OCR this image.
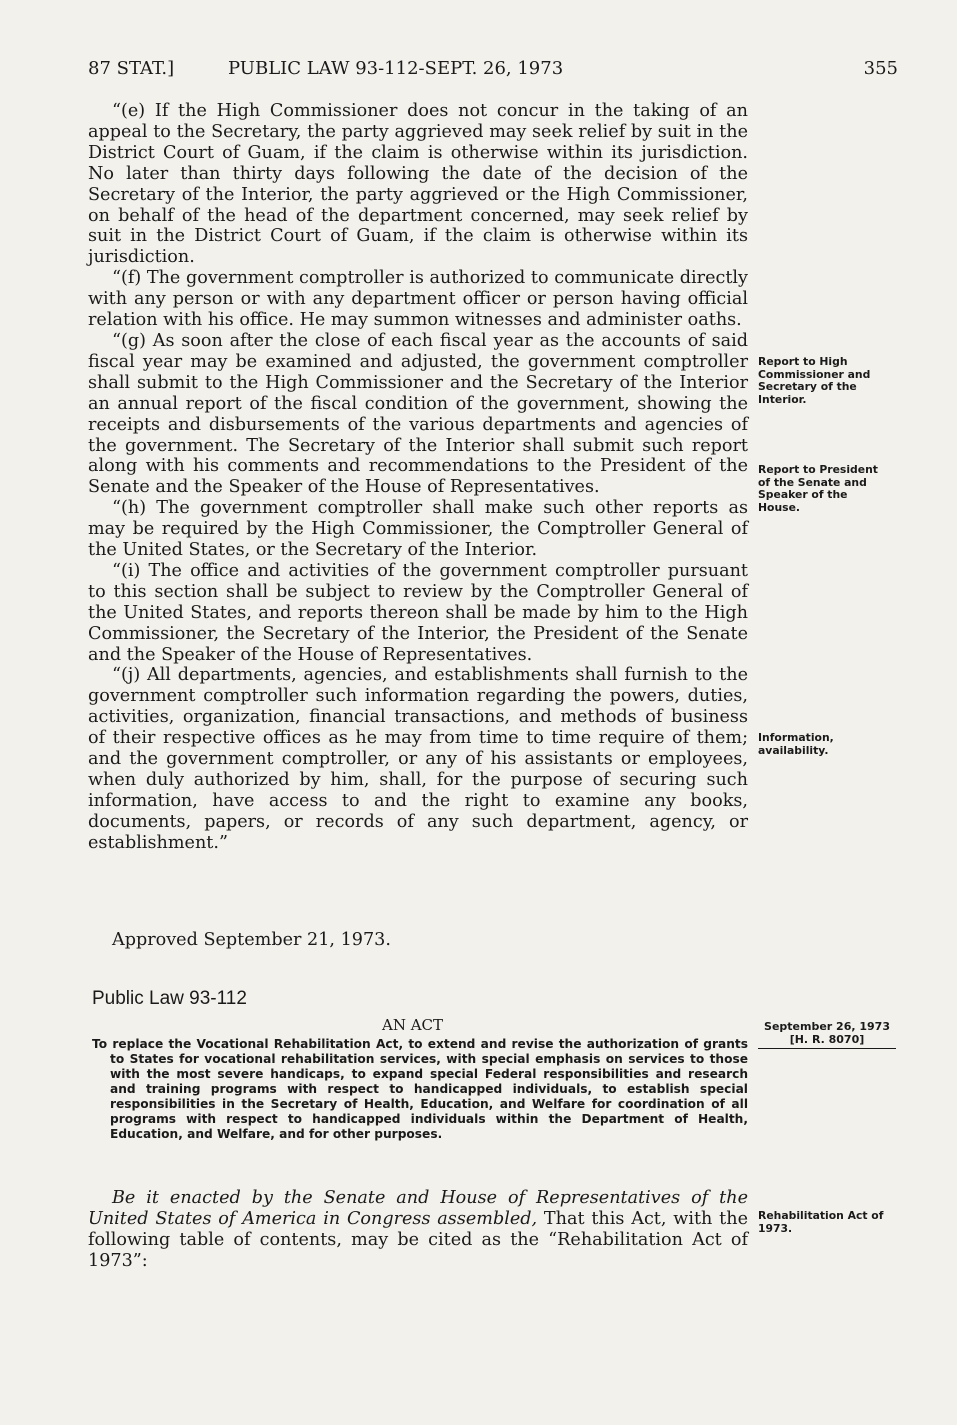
87 STAT.]	PUBLIC LAW 93-112-SEPT. 26, 1973	355

“(e) If the High Commissioner does not concur in the taking of an appeal to the Secretary, the party aggrieved may seek relief by suit in the District Court of Guam, if the claim is otherwise within its jurisdiction. No later than thirty days following the date of the decision of the Secretary of the Interior, the party aggrieved or the High Commissioner, on behalf of the head of the department concerned, may seek relief by suit in the District Court of Guam, if the claim is otherwise within its jurisdiction.

“(f) The government comptroller is authorized to communicate directly with any person or with any department officer or person having official relation with his office. He may summon witnesses and administer oaths.

“(g) As soon after the close of each fiscal year as the accounts of said fiscal year may be examined and adjusted, the government comptroller shall submit to the High Commissioner and the Secretary of the Interior an annual report of the fiscal condition of the government, showing the receipts and disbursements of the various departments and agencies of the government. The Secretary of the Interior shall submit such report along with his comments and recommendations to the President of the Senate and the Speaker of the House of Representatives.

“(h) The government comptroller shall make such other reports as may be required by the High Commissioner, the Comptroller General of the United States, or the Secretary of the Interior.

“(i) The office and activities of the government comptroller pursuant to this section shall be subject to review by the Comptroller General of the United States, and reports thereon shall be made by him to the High Commissioner, the Secretary of the Interior, the President of the Senate and the Speaker of the House of Representatives.

“(j) All departments, agencies, and establishments shall furnish to the government comptroller such information regarding the powers, duties, activities, organization, financial transactions, and methods of business of their respective offices as he may from time to time require of them; and the government comptroller, or any of his assistants or employees, when duly authorized by him, shall, for the purpose of securing such information, have access to and the right to examine any books, documents, papers, or records of any such department, agency, or establishment.”

Report to High Commissioner and Secretary of the Interior.
Report to President of the Senate and Speaker of the House.
Information, availability.
Approved September 21, 1973.
Public Law 93-112
AN ACT	September 26, 1973

[H. R. 8070]

To replace the Vocational Rehabilitation Act, to extend and revise the authorization of grants to States for vocational rehabilitation services, with special emphasis on services to those with the most severe handicaps, to expand special Federal responsibilities and research and training programs with respect to handicapped individuals, to establish special responsibilities in the Secretary of Health, Education, and Welfare for coordination of all programs with respect to handicapped individuals within the Department of Health, Education, and Welfare, and for other purposes.

Be it enacted by the Senate and House of Representatives of the United States of America in Congress assembled, That this Act, with the following table of contents, may be cited as the “Rehabilitation Act of 1973”:

Rehabilitation Act of 1973.
